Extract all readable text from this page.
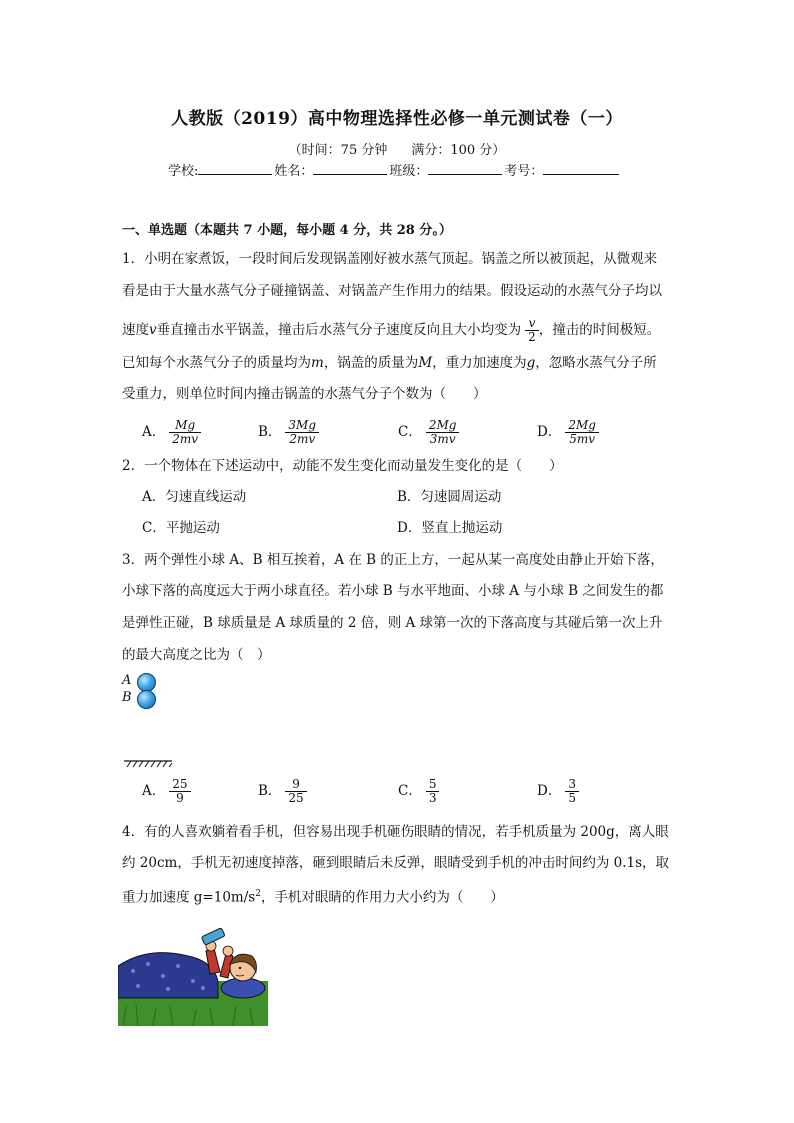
人教版（2019）高中物理选择性必修一单元测试卷（一）
（时间：75 分钟 满分：100 分）
学校:	姓名：	班级：	考号：
一、单选题（本题共 7 小题，每小题 4 分，共 28 分。）
1．小明在家煮饭，一段时间后发现锅盖刚好被水蒸气顶起。锅盖之所以被顶起，从微观来
看是由于大量水蒸气分子碰撞锅盖、对锅盖产生作用力的结果。假设运动的水蒸气分子均以
速度v垂直撞击水平锅盖，撞击后水蒸气分子速度反向且大小均变为 $\frac{v}{2}$ ，撞击的时间极短。
已知每个水蒸气分子的质量均为m，锅盖的质量为M，重力加速度为g，忽略水蒸气分子所
受重力，则单位时间内撞击锅盖的水蒸气分子个数为（　　）
A． $\frac{Mg}{2mv}$	B． $\frac{3Mg}{2mv}$	C． $\frac{2Mg}{3mv}$	D． $\frac{2Mg}{5mv}$
2．一个物体在下述运动中，动能不发生变化而动量发生变化的是（　　）
A．匀速直线运动	B．匀速圆周运动
C．平抛运动	D．竖直上抛运动
3．两个弹性小球 A、B 相互挨着，A 在 B 的正上方，一起从某一高度处由静止开始下落，
小球下落的高度远大于两小球直径。若小球 B 与水平地面、小球 A 与小球 B 之间发生的都
是弹性正碰，B 球质量是 A 球质量的 2 倍，则 A 球第一次的下落高度与其碰后第一次上升
的最大高度之比为（　）
A
B
A． $\frac{25}{9}$	B． $\frac{9}{25}$	C． $\frac{5}{3}$	D． $\frac{3}{5}$
4．有的人喜欢躺着看手机，但容易出现手机砸伤眼睛的情况，若手机质量为 200g，离人眼
约 20cm，手机无初速度掉落，砸到眼睛后未反弹，眼睛受到手机的冲击时间约为 0.1s，取
重力加速度 $g=10m/s^2$，手机对眼睛的作用力大小约为（　　）
